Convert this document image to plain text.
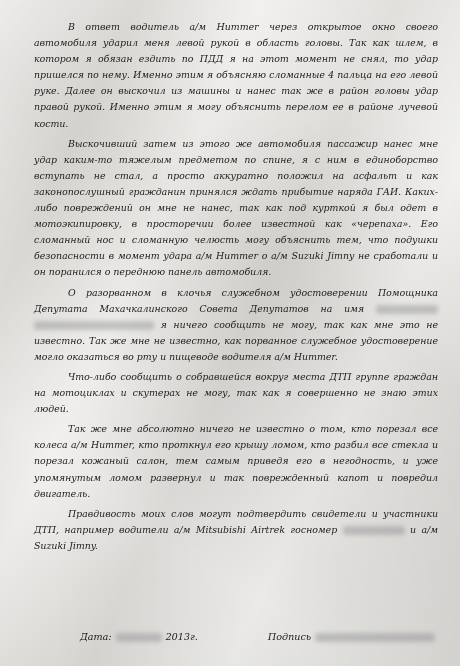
В ответ водитель а/м Hummer через открытое окно своего автомобиля ударил меня левой рукой в область головы. Так как шлем, в котором я обязан ездить по ПДД я на этот момент не снял, то удар пришелся по нему. Именно этим я объясняю сломанные 4 пальца на его левой руке. Далее он выскочил из машины и нанес так же в район головы удар правой рукой. Именно этим я могу объяснить перелом ее в районе лучевой кости.

Выскочивший затем из этого же автомобиля пассажир нанес мне удар каким-то тяжелым предметом по спине, я с ним в единоборство вступать не стал, а просто аккуратно положил на асфальт и как законопослушный гражданин принялся ждать прибытие наряда ГАИ. Каких-либо повреждений он мне не нанес, так как под курткой я был одет в мотоэкипировку, в просторечии более известной как «черепаха». Его сломанный нос и сломанную челюсть могу объяснить тем, что подушки безопасности в момент удара а/м Hummer о а/м Suzuki Jimny не сработали и он поранился о переднюю панель автомобиля.

О разорванном в клочья служебном удостоверении Помощника Депутата Махачкалинского Совета Депутатов на имя   я ничего сообщить не могу, так как мне это не известно. Так же мне не известно, как порванное служебное удостоверение могло оказаться во рту и пищеводе водителя а/м Hummer.

Что-либо сообщить о собравшейся вокруг места ДТП группе граждан на мотоциклах и скутерах не могу, так как я совершенно не знаю этих людей.

Так же мне абсолютно ничего не известно о том, кто порезал все колеса а/м Hummer, кто проткнул его крышу ломом, кто разбил все стекла и порезал кожаный салон, тем самым приведя его в негодность, и уже упомянутым ломом развернул и так поврежденный капот и повредил двигатель.

Правдивость моих слов могут подтвердить свидетели и участники ДТП, например водители а/м Mitsubishi Airtrek госномер	и а/м Suzuki Jimny.

Дата:	2013г.	Подпись
